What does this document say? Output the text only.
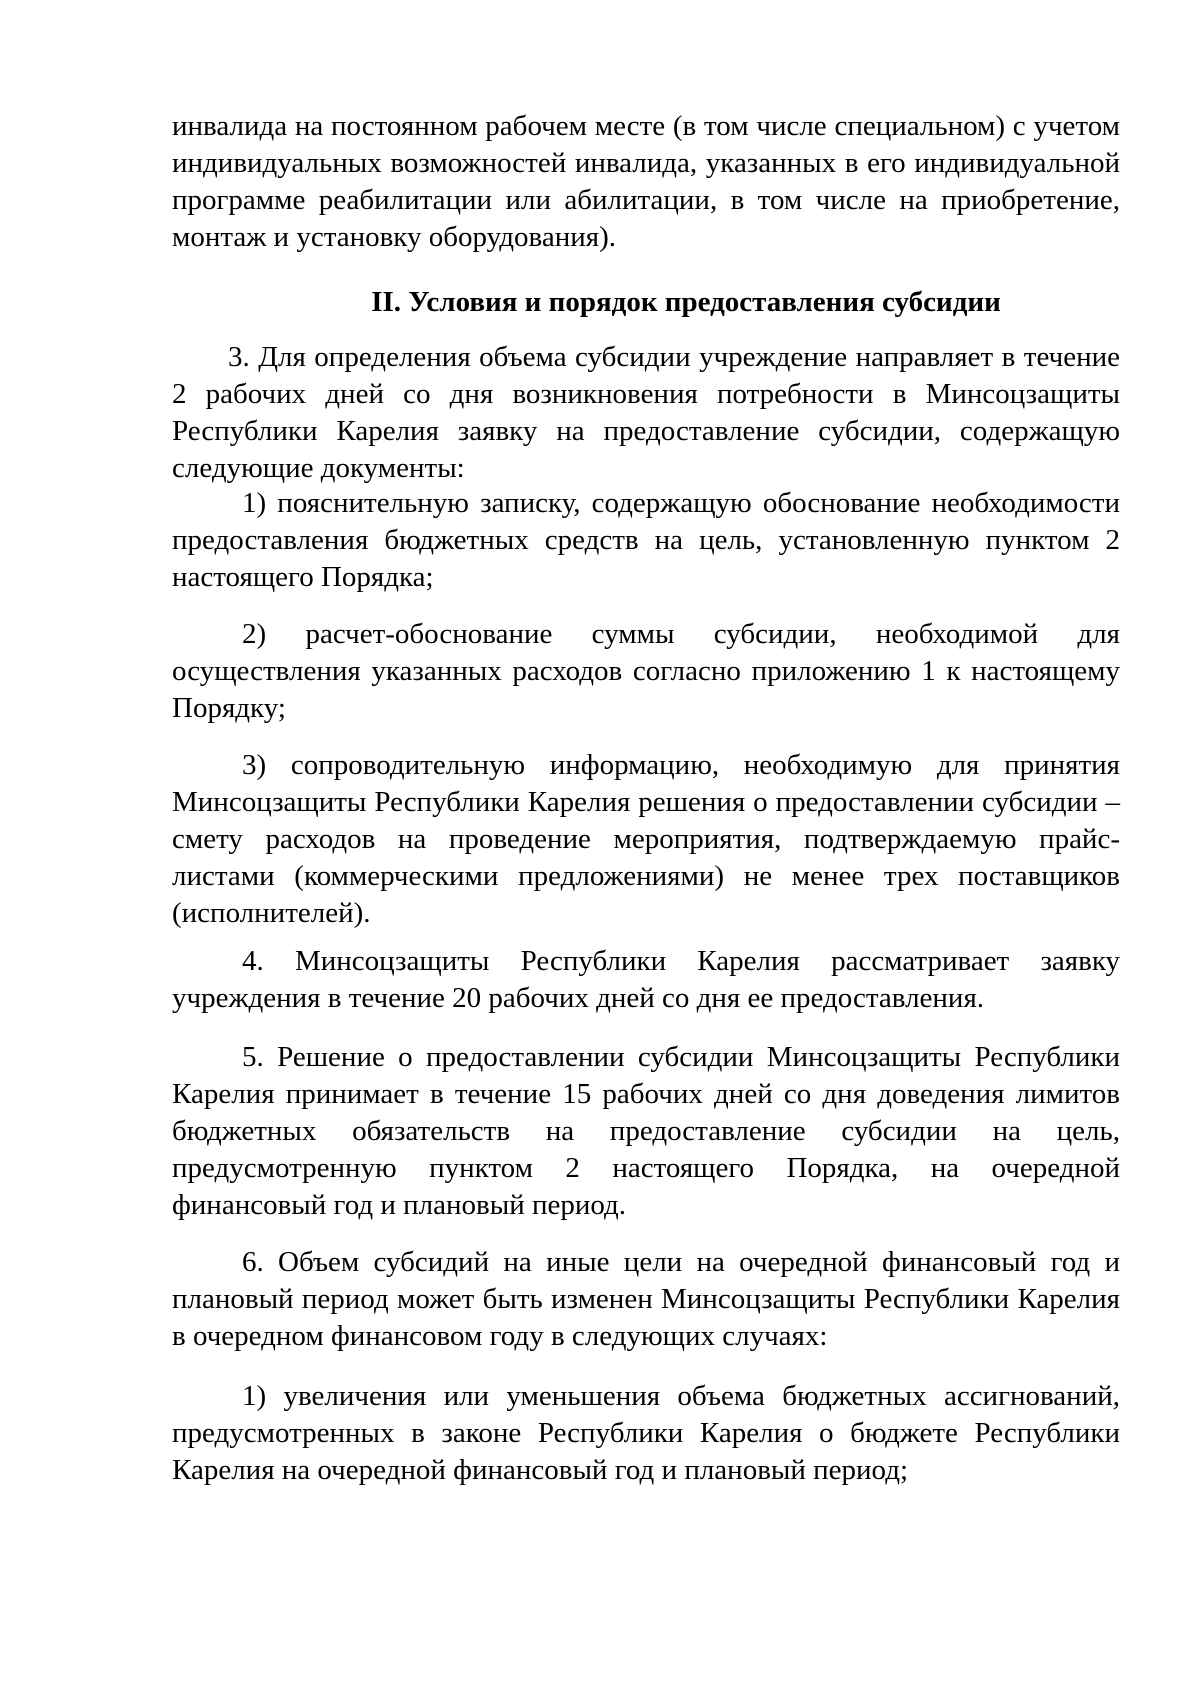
инвалида на постоянном рабочем месте (в том числе специальном) с учетом индивидуальных возможностей инвалида, указанных в его индивидуальной программе реабилитации или абилитации, в том числе на приобретение, монтаж и установку оборудования).

II. Условия и порядок предоставления субсидии

3. Для определения объема субсидии учреждение направляет в течение 2 рабочих дней со дня возникновения потребности в Минсоцзащиты Республики Карелия заявку на предоставление субсидии, содержащую следующие документы:

1) пояснительную записку, содержащую обоснование необходимости предоставления бюджетных средств на цель, установленную пунктом 2 настоящего Порядка;

2) расчет-обоснование суммы субсидии, необходимой для осуществления указанных расходов согласно приложению 1 к настоящему Порядку;

3) сопроводительную информацию, необходимую для принятия Минсоцзащиты Республики Карелия решения о предоставлении субсидии – смету расходов на проведение мероприятия, подтверждаемую прайс-листами (коммерческими предложениями) не менее трех поставщиков (исполнителей).

4. Минсоцзащиты Республики Карелия рассматривает заявку учреждения в течение 20 рабочих дней со дня ее предоставления.

5. Решение о предоставлении субсидии Минсоцзащиты Республики Карелия принимает в течение 15 рабочих дней со дня доведения лимитов бюджетных обязательств на предоставление субсидии на цель, предусмотренную пунктом 2 настоящего Порядка, на очередной финансовый год и плановый период.

6. Объем субсидий на иные цели на очередной финансовый год и плановый период может быть изменен Минсоцзащиты Республики Карелия в очередном финансовом году в следующих случаях:

1) увеличения или уменьшения объема бюджетных ассигнований, предусмотренных в законе Республики Карелия о бюджете Республики Карелия на очередной финансовый год и плановый период;
